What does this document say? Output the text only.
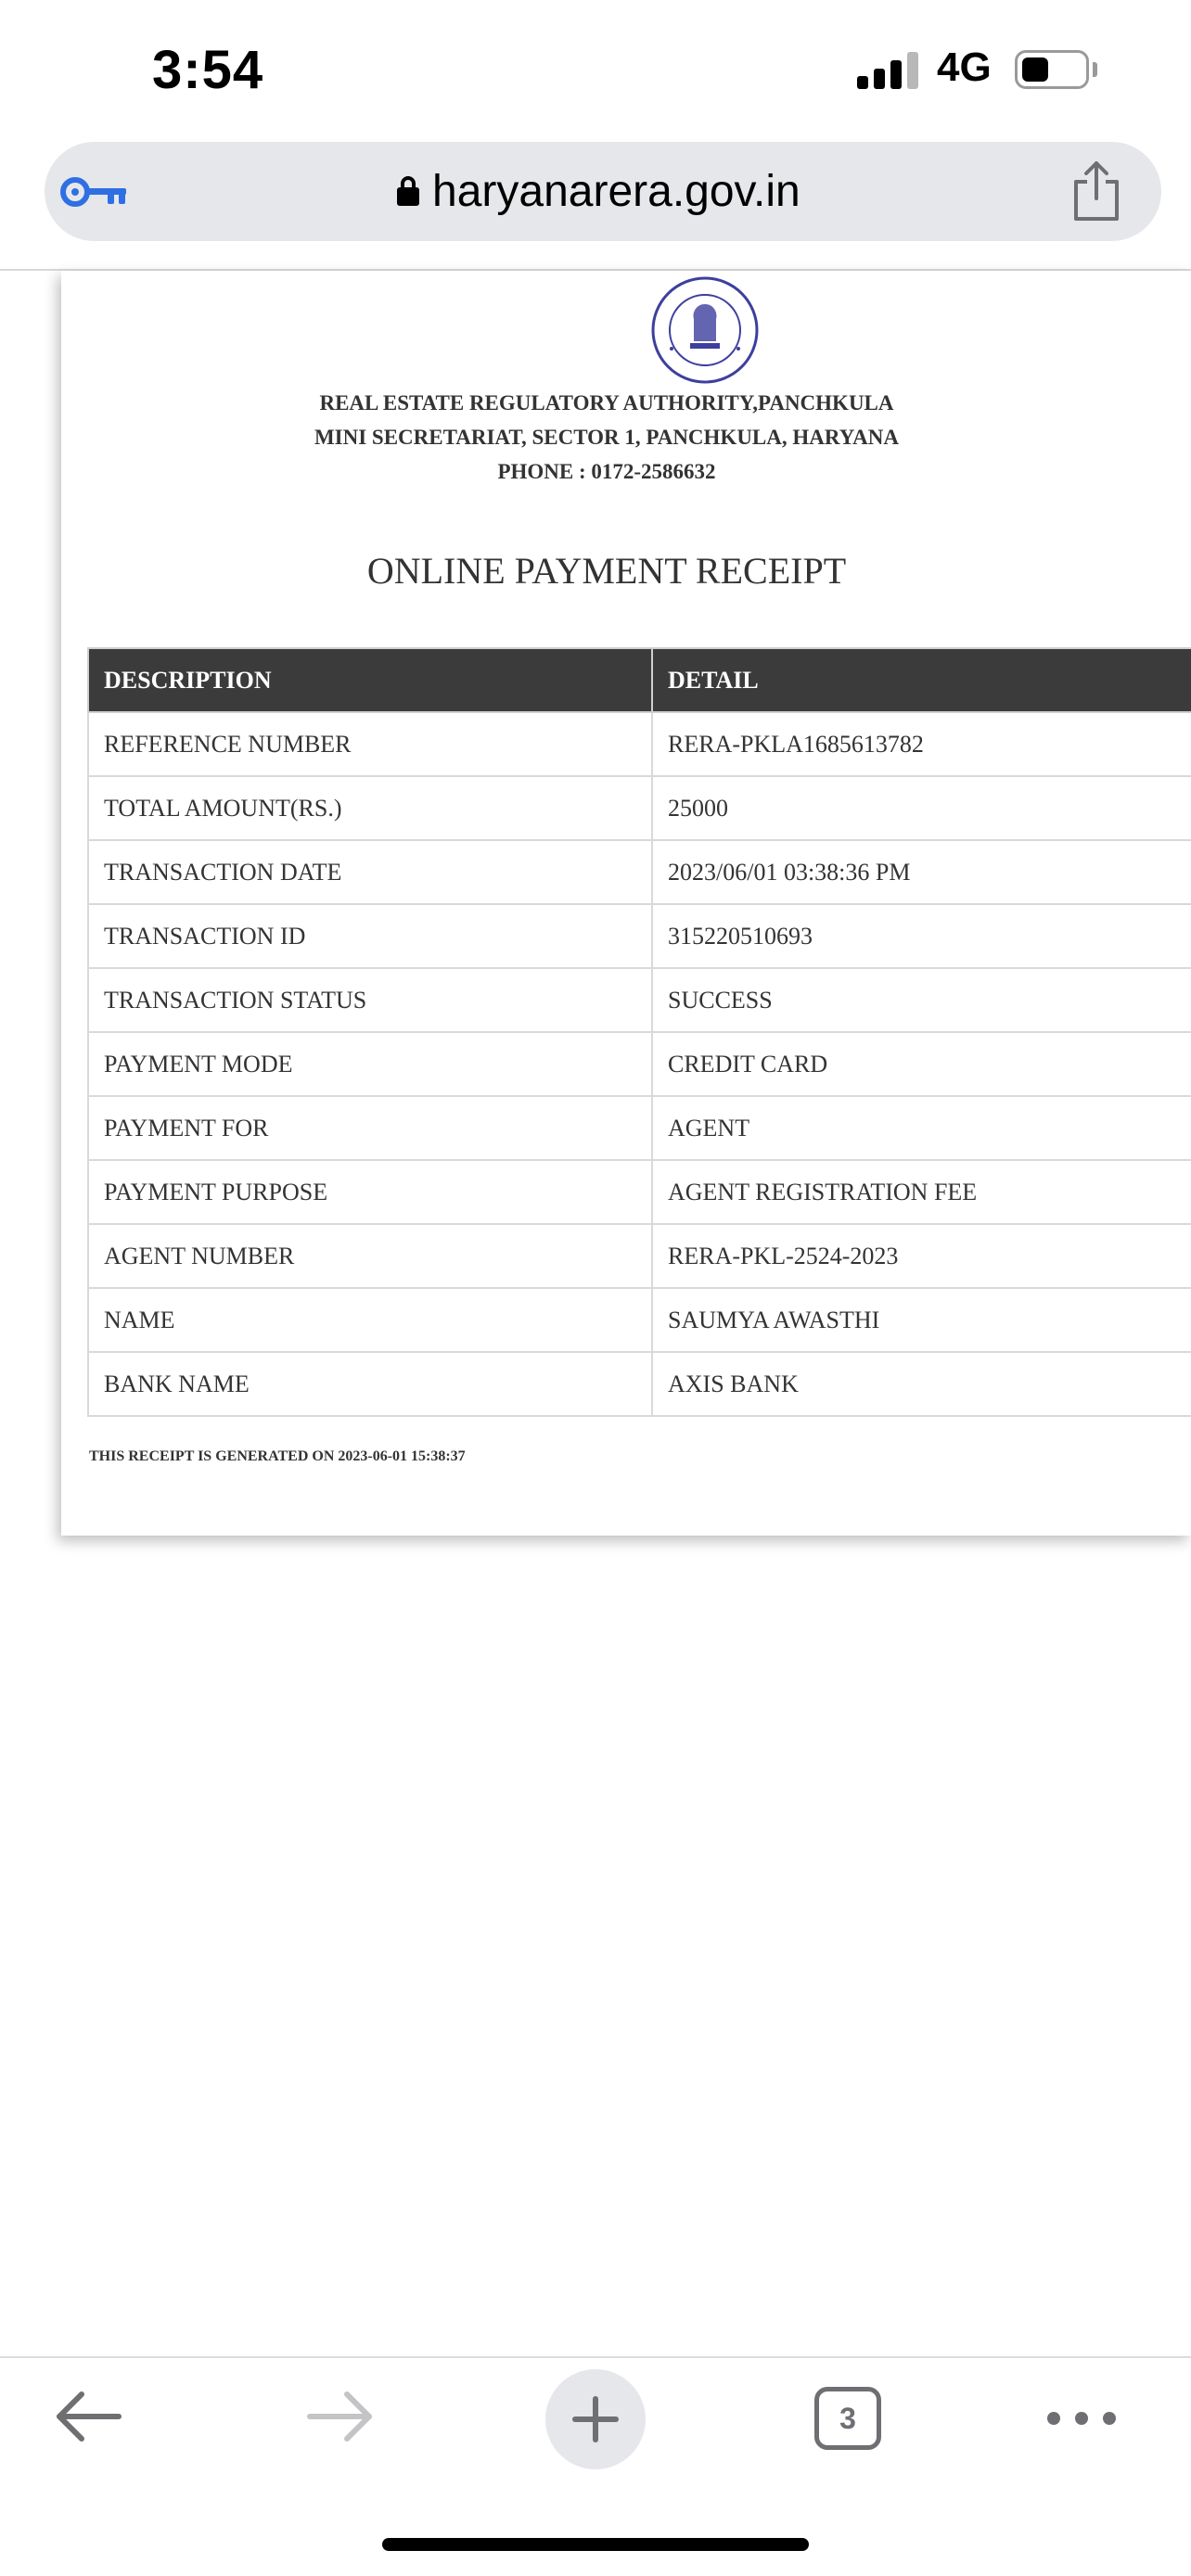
3:54	4G
haryanarera.gov.in
REAL ESTATE REGULATORY AUTHORITY,PANCHKULA
MINI SECRETARIAT, SECTOR 1, PANCHKULA, HARYANA
PHONE : 0172-2586632
ONLINE PAYMENT RECEIPT
DESCRIPTION	DETAIL
REFERENCE NUMBER	RERA-PKLA1685613782
TOTAL AMOUNT(RS.)	25000
TRANSACTION DATE	2023/06/01 03:38:36 PM
TRANSACTION ID	315220510693
TRANSACTION STATUS	SUCCESS
PAYMENT MODE	CREDIT CARD
PAYMENT FOR	AGENT
PAYMENT PURPOSE	AGENT REGISTRATION FEE
AGENT NUMBER	RERA-PKL-2524-2023
NAME	SAUMYA AWASTHI
BANK NAME	AXIS BANK
THIS RECEIPT IS GENERATED ON 2023-06-01 15:38:37
3
